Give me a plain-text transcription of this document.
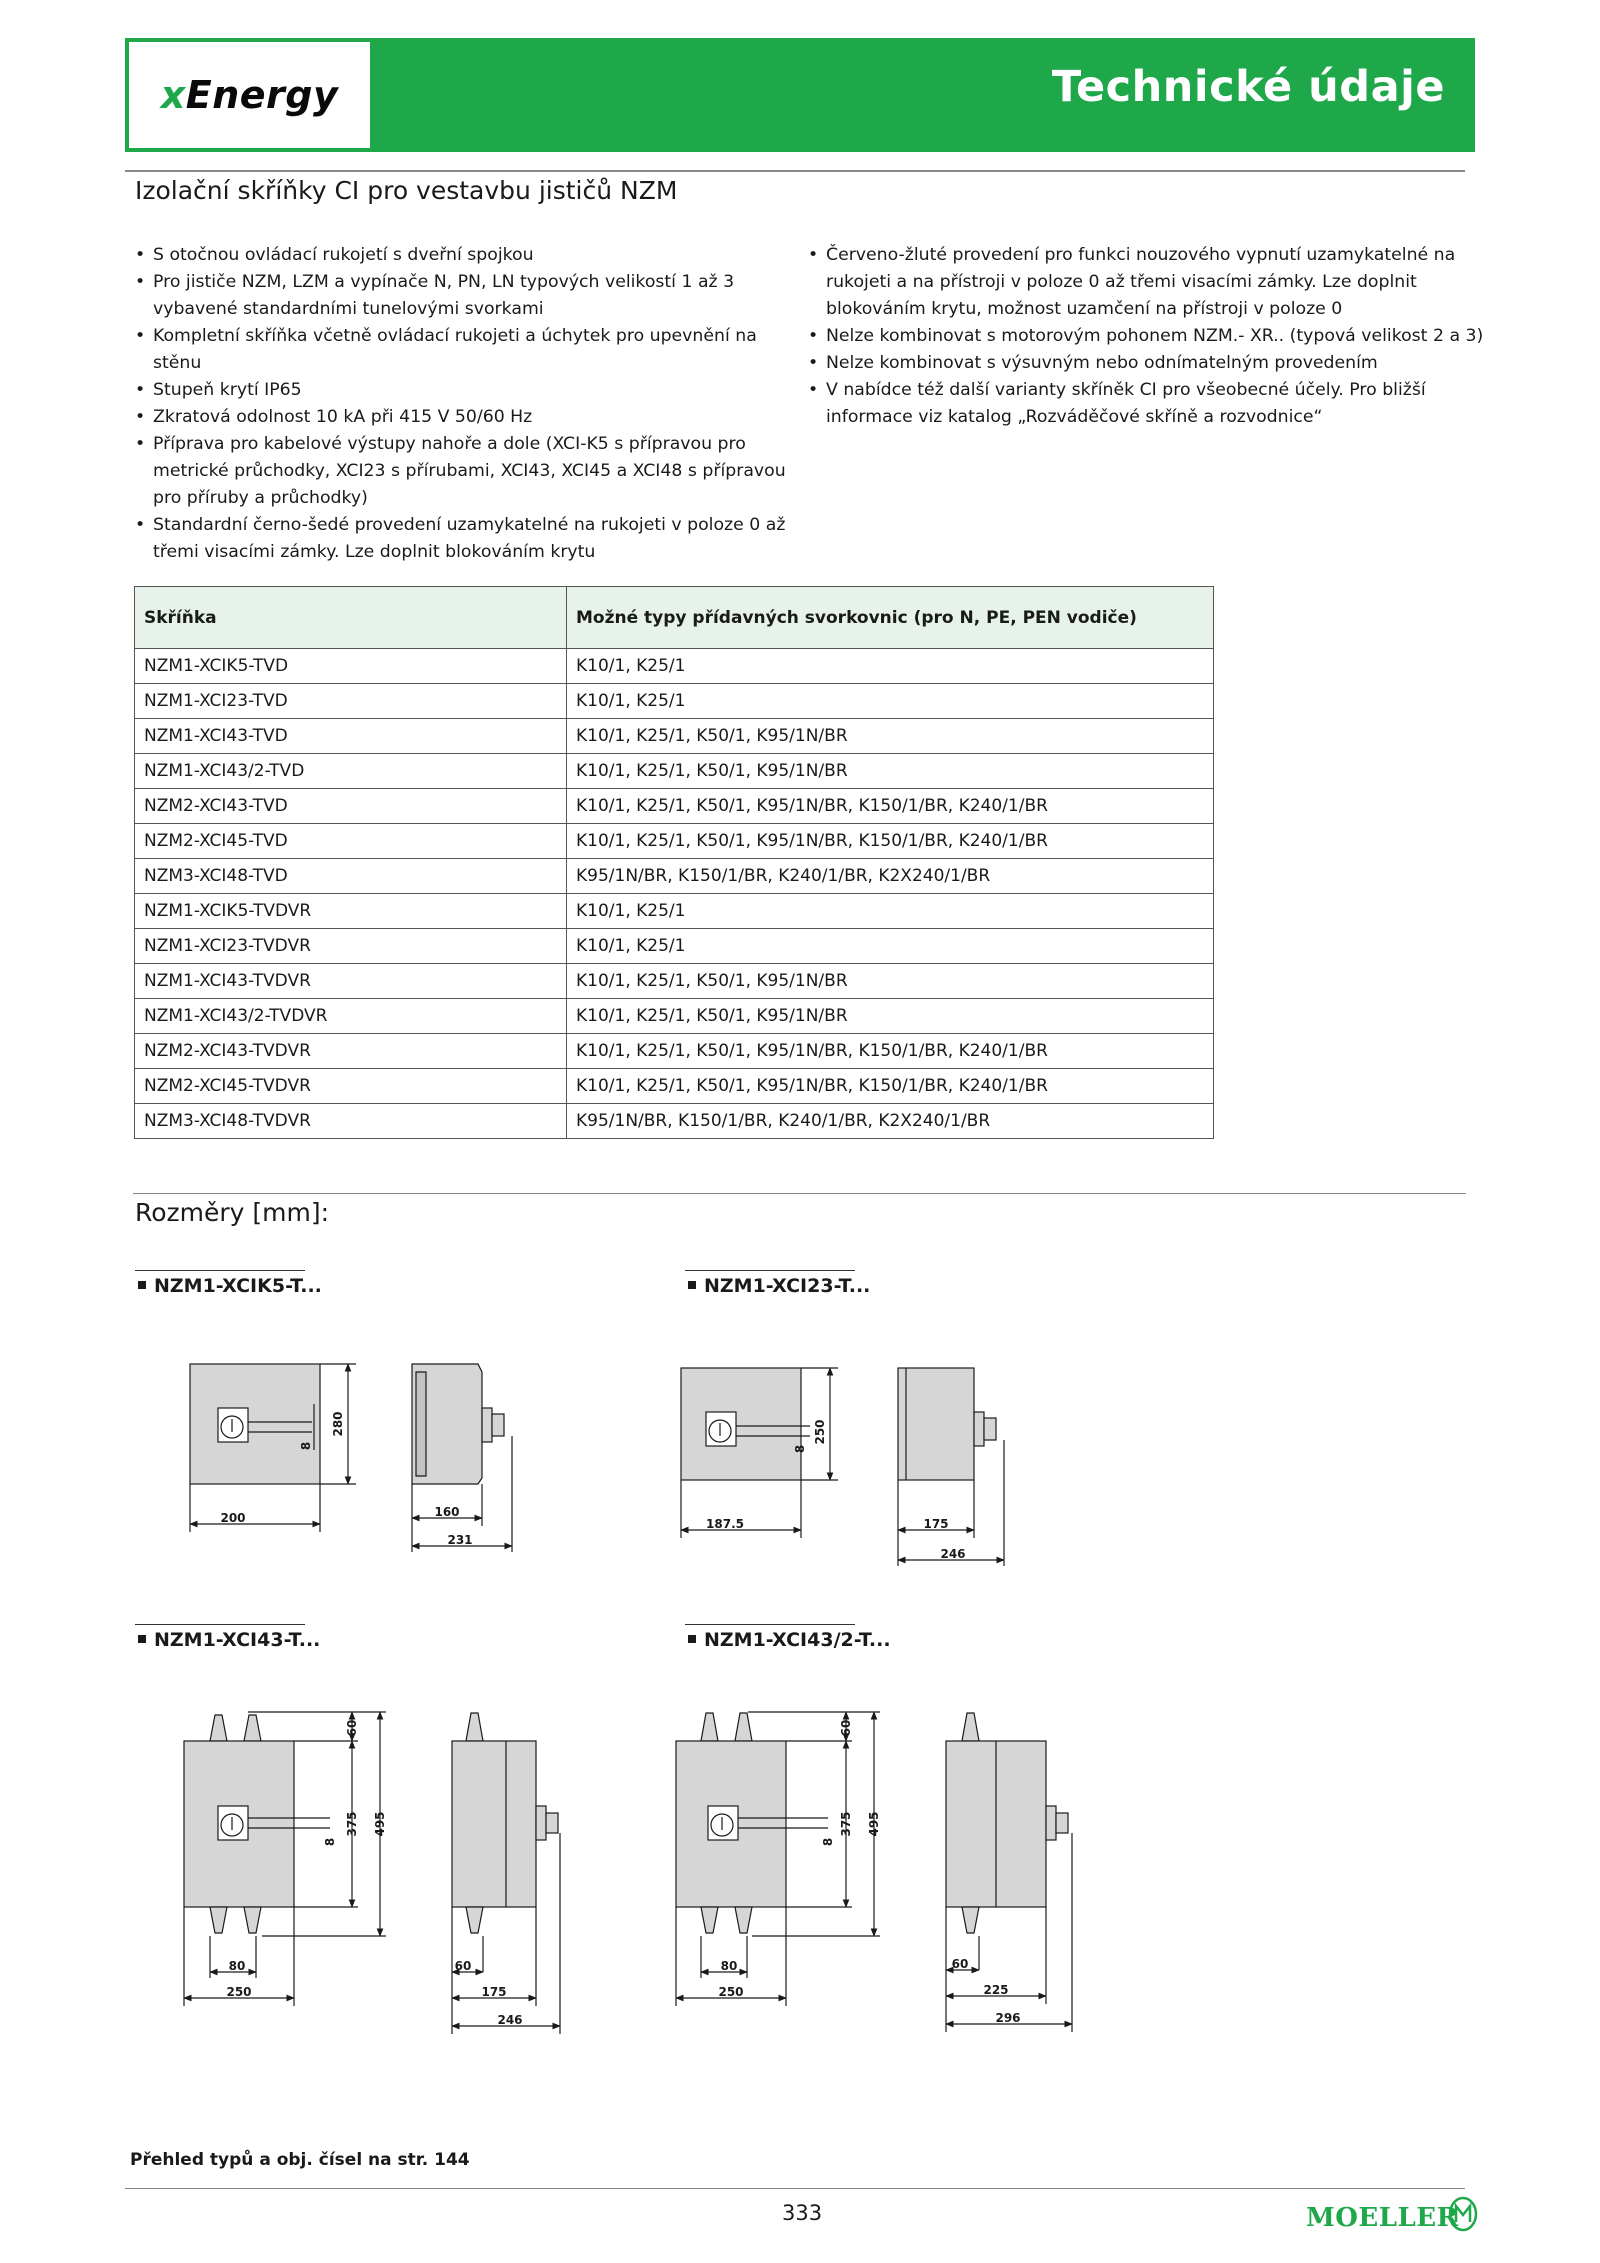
xEnergy	Technické údaje
Izolační skříňky CI pro vestavbu jističů NZM
• S otočnou ovládací rukojetí s dveřní spojkou
• Pro jističe NZM, LZM a vypínače N, PN, LN typových velikostí 1 až 3 vybavené standardními tunelovými svorkami
• Kompletní skříňka včetně ovládací rukojeti a úchytek pro upevnění na stěnu
• Stupeň krytí IP65
• Zkratová odolnost 10 kA při 415 V 50/60 Hz
• Příprava pro kabelové výstupy nahoře a dole (XCI-K5 s přípravou pro metrické průchodky, XCI23 s přírubami, XCI43, XCI45 a XCI48 s přípravou pro příruby a průchodky)
• Standardní černo-šedé provedení uzamykatelné na rukojeti v poloze 0 až třemi visacími zámky. Lze doplnit blokováním krytu
• Červeno-žluté provedení pro funkci nouzového vypnutí uzamykatelné na rukojeti a na přístroji v poloze 0 až třemi visacími zámky. Lze doplnit blokováním krytu, možnost uzamčení na přístroji v poloze 0
• Nelze kombinovat s motorovým pohonem NZM.- XR.. (typová velikost 2 a 3)
• Nelze kombinovat s výsuvným nebo odnímatelným provedením
• V nabídce též další varianty skříněk CI pro všeobecné účely. Pro bližší informace viz katalog „Rozváděčové skříně a rozvodnice“
Skříňka	Možné typy přídavných svorkovnic (pro N, PE, PEN vodiče)
NZM1-XCIK5-TVD	K10/1, K25/1
NZM1-XCI23-TVD	K10/1, K25/1
NZM1-XCI43-TVD	K10/1, K25/1, K50/1, K95/1N/BR
NZM1-XCI43/2-TVD	K10/1, K25/1, K50/1, K95/1N/BR
NZM2-XCI43-TVD	K10/1, K25/1, K50/1, K95/1N/BR, K150/1/BR, K240/1/BR
NZM2-XCI45-TVD	K10/1, K25/1, K50/1, K95/1N/BR, K150/1/BR, K240/1/BR
NZM3-XCI48-TVD	K95/1N/BR, K150/1/BR, K240/1/BR, K2X240/1/BR
NZM1-XCIK5-TVDVR	K10/1, K25/1
NZM1-XCI23-TVDVR	K10/1, K25/1
NZM1-XCI43-TVDVR	K10/1, K25/1, K50/1, K95/1N/BR
NZM1-XCI43/2-TVDVR	K10/1, K25/1, K50/1, K95/1N/BR
NZM2-XCI43-TVDVR	K10/1, K25/1, K50/1, K95/1N/BR, K150/1/BR, K240/1/BR
NZM2-XCI45-TVDVR	K10/1, K25/1, K50/1, K95/1N/BR, K150/1/BR, K240/1/BR
NZM3-XCI48-TVDVR	K95/1N/BR, K150/1/BR, K240/1/BR, K2X240/1/BR
Rozměry [mm]:
NZM1-XCIK5-T...	NZM1-XCI23-T...
NZM1-XCI43-T...	NZM1-XCI43/2-T...
200
280
8
160
231
187.5
250
8
175
246
80
250
60
375 495
8
60
175
246
80
250
60
375 495
8
60
225
296
Přehled typů a obj. čísel na str. 144
333	MOELLER
